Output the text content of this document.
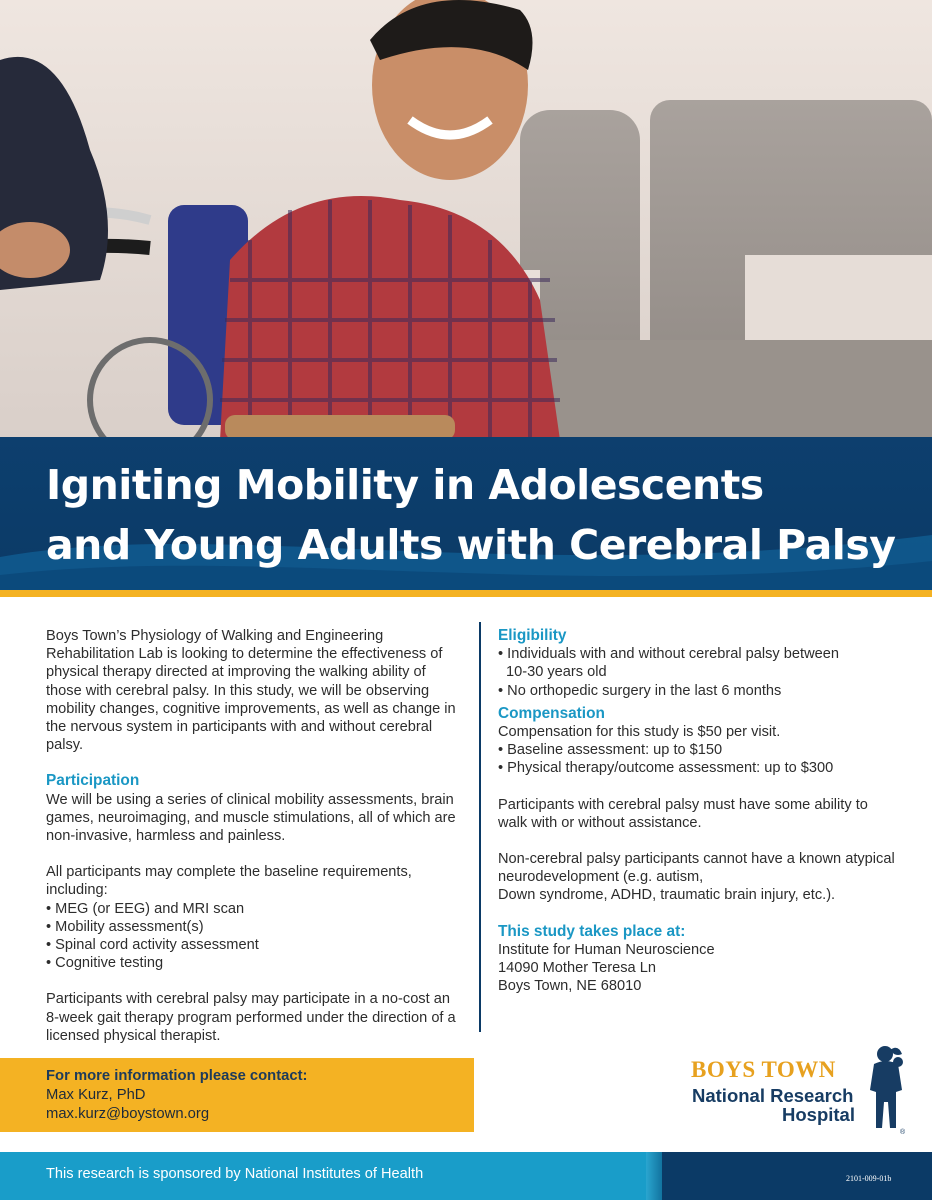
Igniting Mobility in Adolescents
and Young Adults with Cerebral Palsy

Boys Town’s Physiology of Walking and Engineering Rehabilitation Lab is looking to determine the effectiveness of physical therapy directed at improving the walking ability of those with cerebral palsy. In this study, we will be observing mobility changes, cognitive improvements, as well as change in the nervous system in participants with and without cerebral palsy.

Participation

We will be using a series of clinical mobility assessments, brain games, neuroimaging, and muscle stimulations, all of which are non-invasive, harmless and painless.

All participants may complete the baseline requirements, including:

• MEG (or EEG) and MRI scan
• Mobility assessment(s)
• Spinal cord activity assessment
• Cognitive testing

Participants with cerebral palsy may participate in a no-cost an 8-week gait therapy program performed under the direction of a licensed physical therapist.

Eligibility
• Individuals with and without cerebral palsy between
10-30 years old
• No orthopedic surgery in the last 6 months
Compensation
Compensation for this study is $50 per visit.
• Baseline assessment: up to $150
• Physical therapy/outcome assessment: up to $300

Participants with cerebral palsy must have some ability to walk with or without assistance.

Non-cerebral palsy participants cannot have a known atypical neurodevelopment (e.g. autism,
Down syndrome, ADHD, traumatic brain injury, etc.).
This study takes place at:
Institute for Human Neuroscience
14090 Mother Teresa Ln
Boys Town, NE 68010
For more information please contact:
Max Kurz, PhD
max.kurz@boystown.org
BOYS TOWN
National Research
Hospital
®
This research is sponsored by National Institutes of Health	2101-009-01b
